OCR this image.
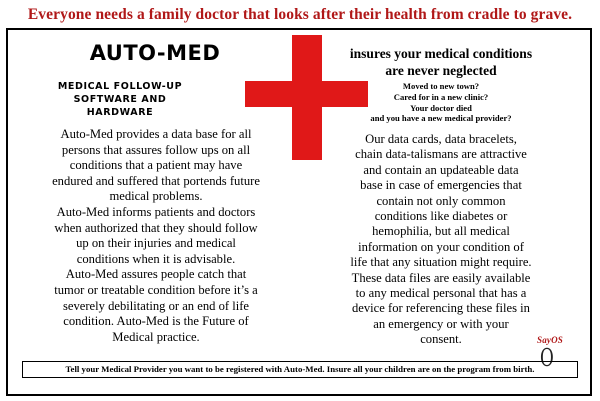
Everyone needs a family doctor that looks after their health from cradle to grave.
AUTO-MED
MEDICAL FOLLOW-UP
SOFTWARE AND
HARDWARE
Auto-Med provides a data base for all
persons that assures follow ups on all
conditions that a patient may have
endured and suffered that portends future
medical problems.
Auto-Med informs patients and doctors
when authorized that they should follow
up on their injuries and medical
conditions when it is advisable.
Auto-Med assures people catch that
tumor or treatable condition before it’s a
severely debilitating or an end of life
condition. Auto-Med is the Future of
Medical practice.
insures your medical conditions
are never neglected
Moved to new town?
Cared for in a new clinic?
Your doctor died
and you have a new medical provider?
Our data cards, data bracelets,
chain data-talismans are attractive
and contain an updateable data
base in case of emergencies that
contain not only common
conditions like diabetes or
hemophilia, but all medical
information on your condition of
life that any situation might require.
These data files are easily available
to any medical personal that has a
device for referencing these files in
an emergency or with your
consent.	SayOS
O
Tell your Medical Provider you want to be registered with Auto-Med. Insure all your children are on the program from birth.
